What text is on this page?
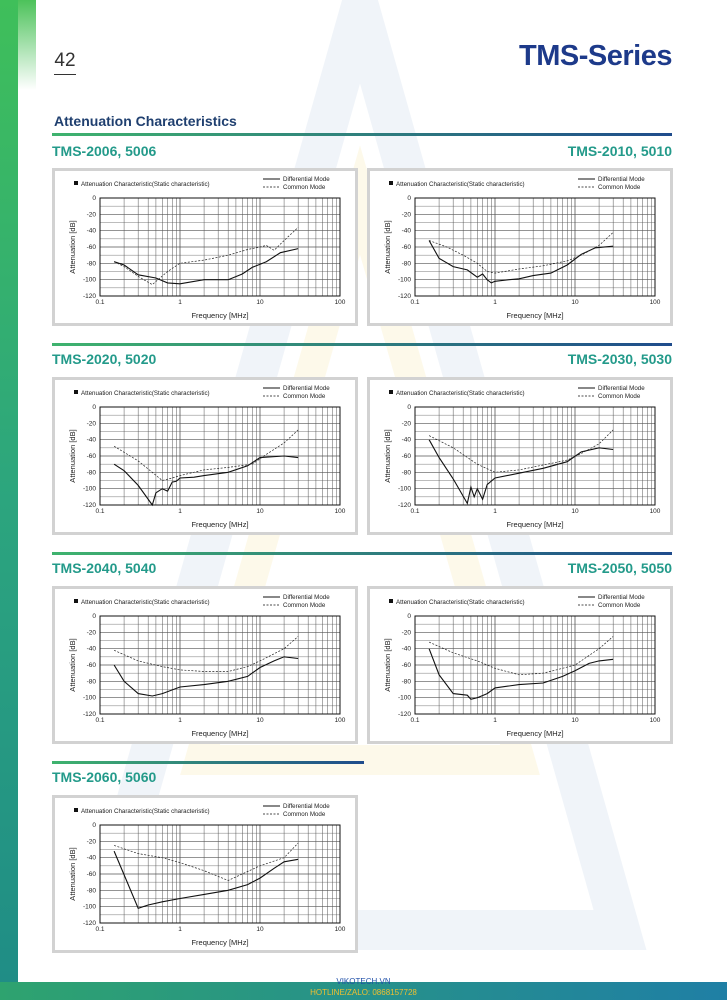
42	TMS-Series
Attenuation Characteristics
TMS-2006, 5006	TMS-2010, 5010
Attenuation Characteristic(Static characteristic)
Differential Mode
Common Mode
0
-20
-40
-60
-80
-100
-120
0.1	1	10	100
Frequency [MHz]
Attenuation [dB]
Attenuation Characteristic(Static characteristic)
Differential Mode
Common Mode
0
-20
-40
-60
-80
-100
-120
0.1	1	10	100
Frequency [MHz]
Attenuation [dB]
TMS-2020, 5020	TMS-2030, 5030
Attenuation Characteristic(Static characteristic)
Differential Mode
Common Mode
0
-20
-40
-60
-80
-100
-120
0.1	1	10	100
Frequency [MHz]
Attenuation [dB]
Attenuation Characteristic(Static characteristic)
Differential Mode
Common Mode
0
-20
-40
-60
-80
-100
-120
0.1	1	10	100
Frequency [MHz]
Attenuation [dB]
TMS-2040, 5040	TMS-2050, 5050
Attenuation Characteristic(Static characteristic)
Differential Mode
Common Mode
0
-20
-40
-60
-80
-100
-120
0.1	1	10	100
Frequency [MHz]
Attenuation [dB]
Attenuation Characteristic(Static characteristic)
Differential Mode
Common Mode
0
-20
-40
-60
-80
-100
-120
0.1	1	10	100
Frequency [MHz]
Attenuation [dB]
TMS-2060, 5060
Attenuation Characteristic(Static characteristic)
Differential Mode
Common Mode
0
-20
-40
-60
-80
-100
-120
0.1	1	10	100
Frequency [MHz]
Attenuation [dB]
VIKOTECH.VN
HOTLINE/ZALO: 0868157728
